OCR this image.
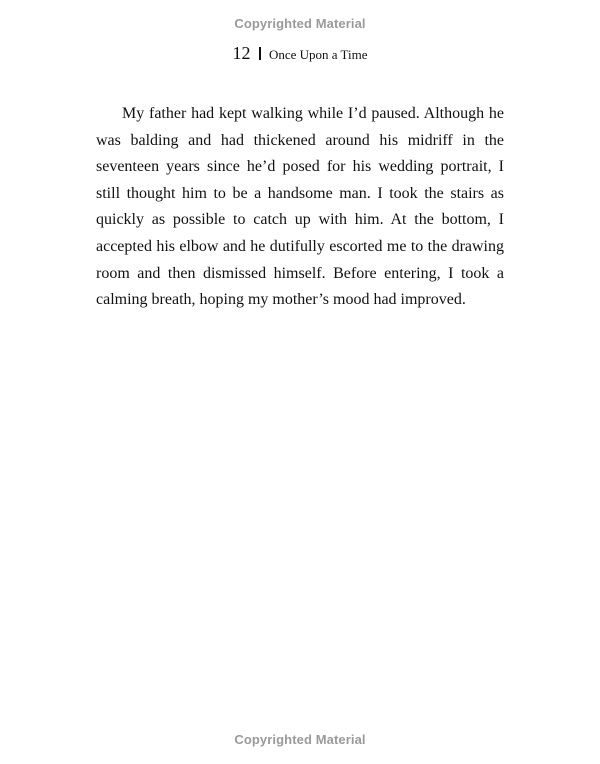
Copyrighted Material
12 Once Upon a Time

My father had kept walking while I’d paused. Although he was balding and had thickened around his midriff in the seventeen years since he’d posed for his wedding portrait, I still thought him to be a handsome man. I took the stairs as quickly as possible to catch up with him. At the bottom, I accepted his elbow and he dutifully escorted me to the drawing room and then dismissed himself. Before entering, I took a calming breath, hoping my mother’s mood had improved.

Copyrighted Material
